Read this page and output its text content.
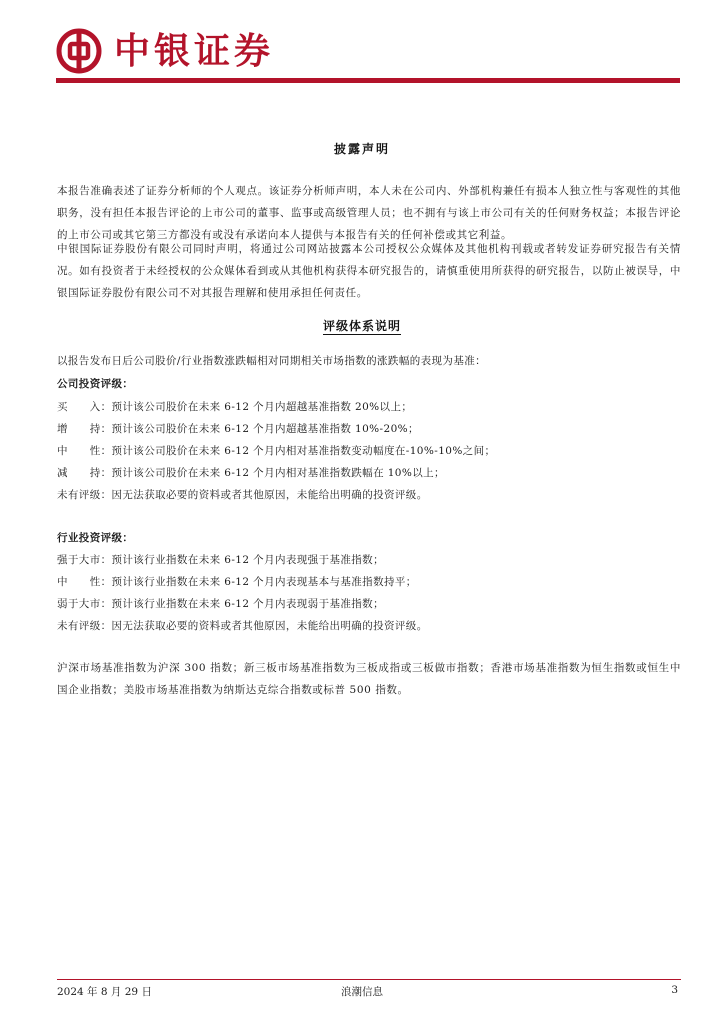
中银证券
披露声明
本报告准确表述了证券分析师的个人观点。该证券分析师声明，本人未在公司内、外部机构兼任有损本人独立性与客观性的其他职务，没有担任本报告评论的上市公司的董事、监事或高级管理人员；也不拥有与该上市公司有关的任何财务权益；本报告评论的上市公司或其它第三方都没有或没有承诺向本人提供与本报告有关的任何补偿或其它利益。
中银国际证券股份有限公司同时声明，将通过公司网站披露本公司授权公众媒体及其他机构刊载或者转发证券研究报告有关情况。如有投资者于未经授权的公众媒体看到或从其他机构获得本研究报告的，请慎重使用所获得的研究报告，以防止被误导，中银国际证券股份有限公司不对其报告理解和使用承担任何责任。
评级体系说明
以报告发布日后公司股价/行业指数涨跌幅相对同期相关市场指数的涨跌幅的表现为基准：
公司投资评级：
买　　入：预计该公司股价在未来 6-12 个月内超越基准指数 20%以上；
增　　持：预计该公司股价在未来 6-12 个月内超越基准指数 10%-20%；
中　　性：预计该公司股价在未来 6-12 个月内相对基准指数变动幅度在-10%-10%之间；
减　　持：预计该公司股价在未来 6-12 个月内相对基准指数跌幅在 10%以上；
未有评级：因无法获取必要的资料或者其他原因，未能给出明确的投资评级。
行业投资评级：
强于大市：预计该行业指数在未来 6-12 个月内表现强于基准指数；
中　　性：预计该行业指数在未来 6-12 个月内表现基本与基准指数持平；
弱于大市：预计该行业指数在未来 6-12 个月内表现弱于基准指数；
未有评级：因无法获取必要的资料或者其他原因，未能给出明确的投资评级。
沪深市场基准指数为沪深 300 指数；新三板市场基准指数为三板成指或三板做市指数；香港市场基准指数为恒生指数或恒生中国企业指数；美股市场基准指数为纳斯达克综合指数或标普 500 指数。
2024 年 8 月 29 日	浪潮信息	3
